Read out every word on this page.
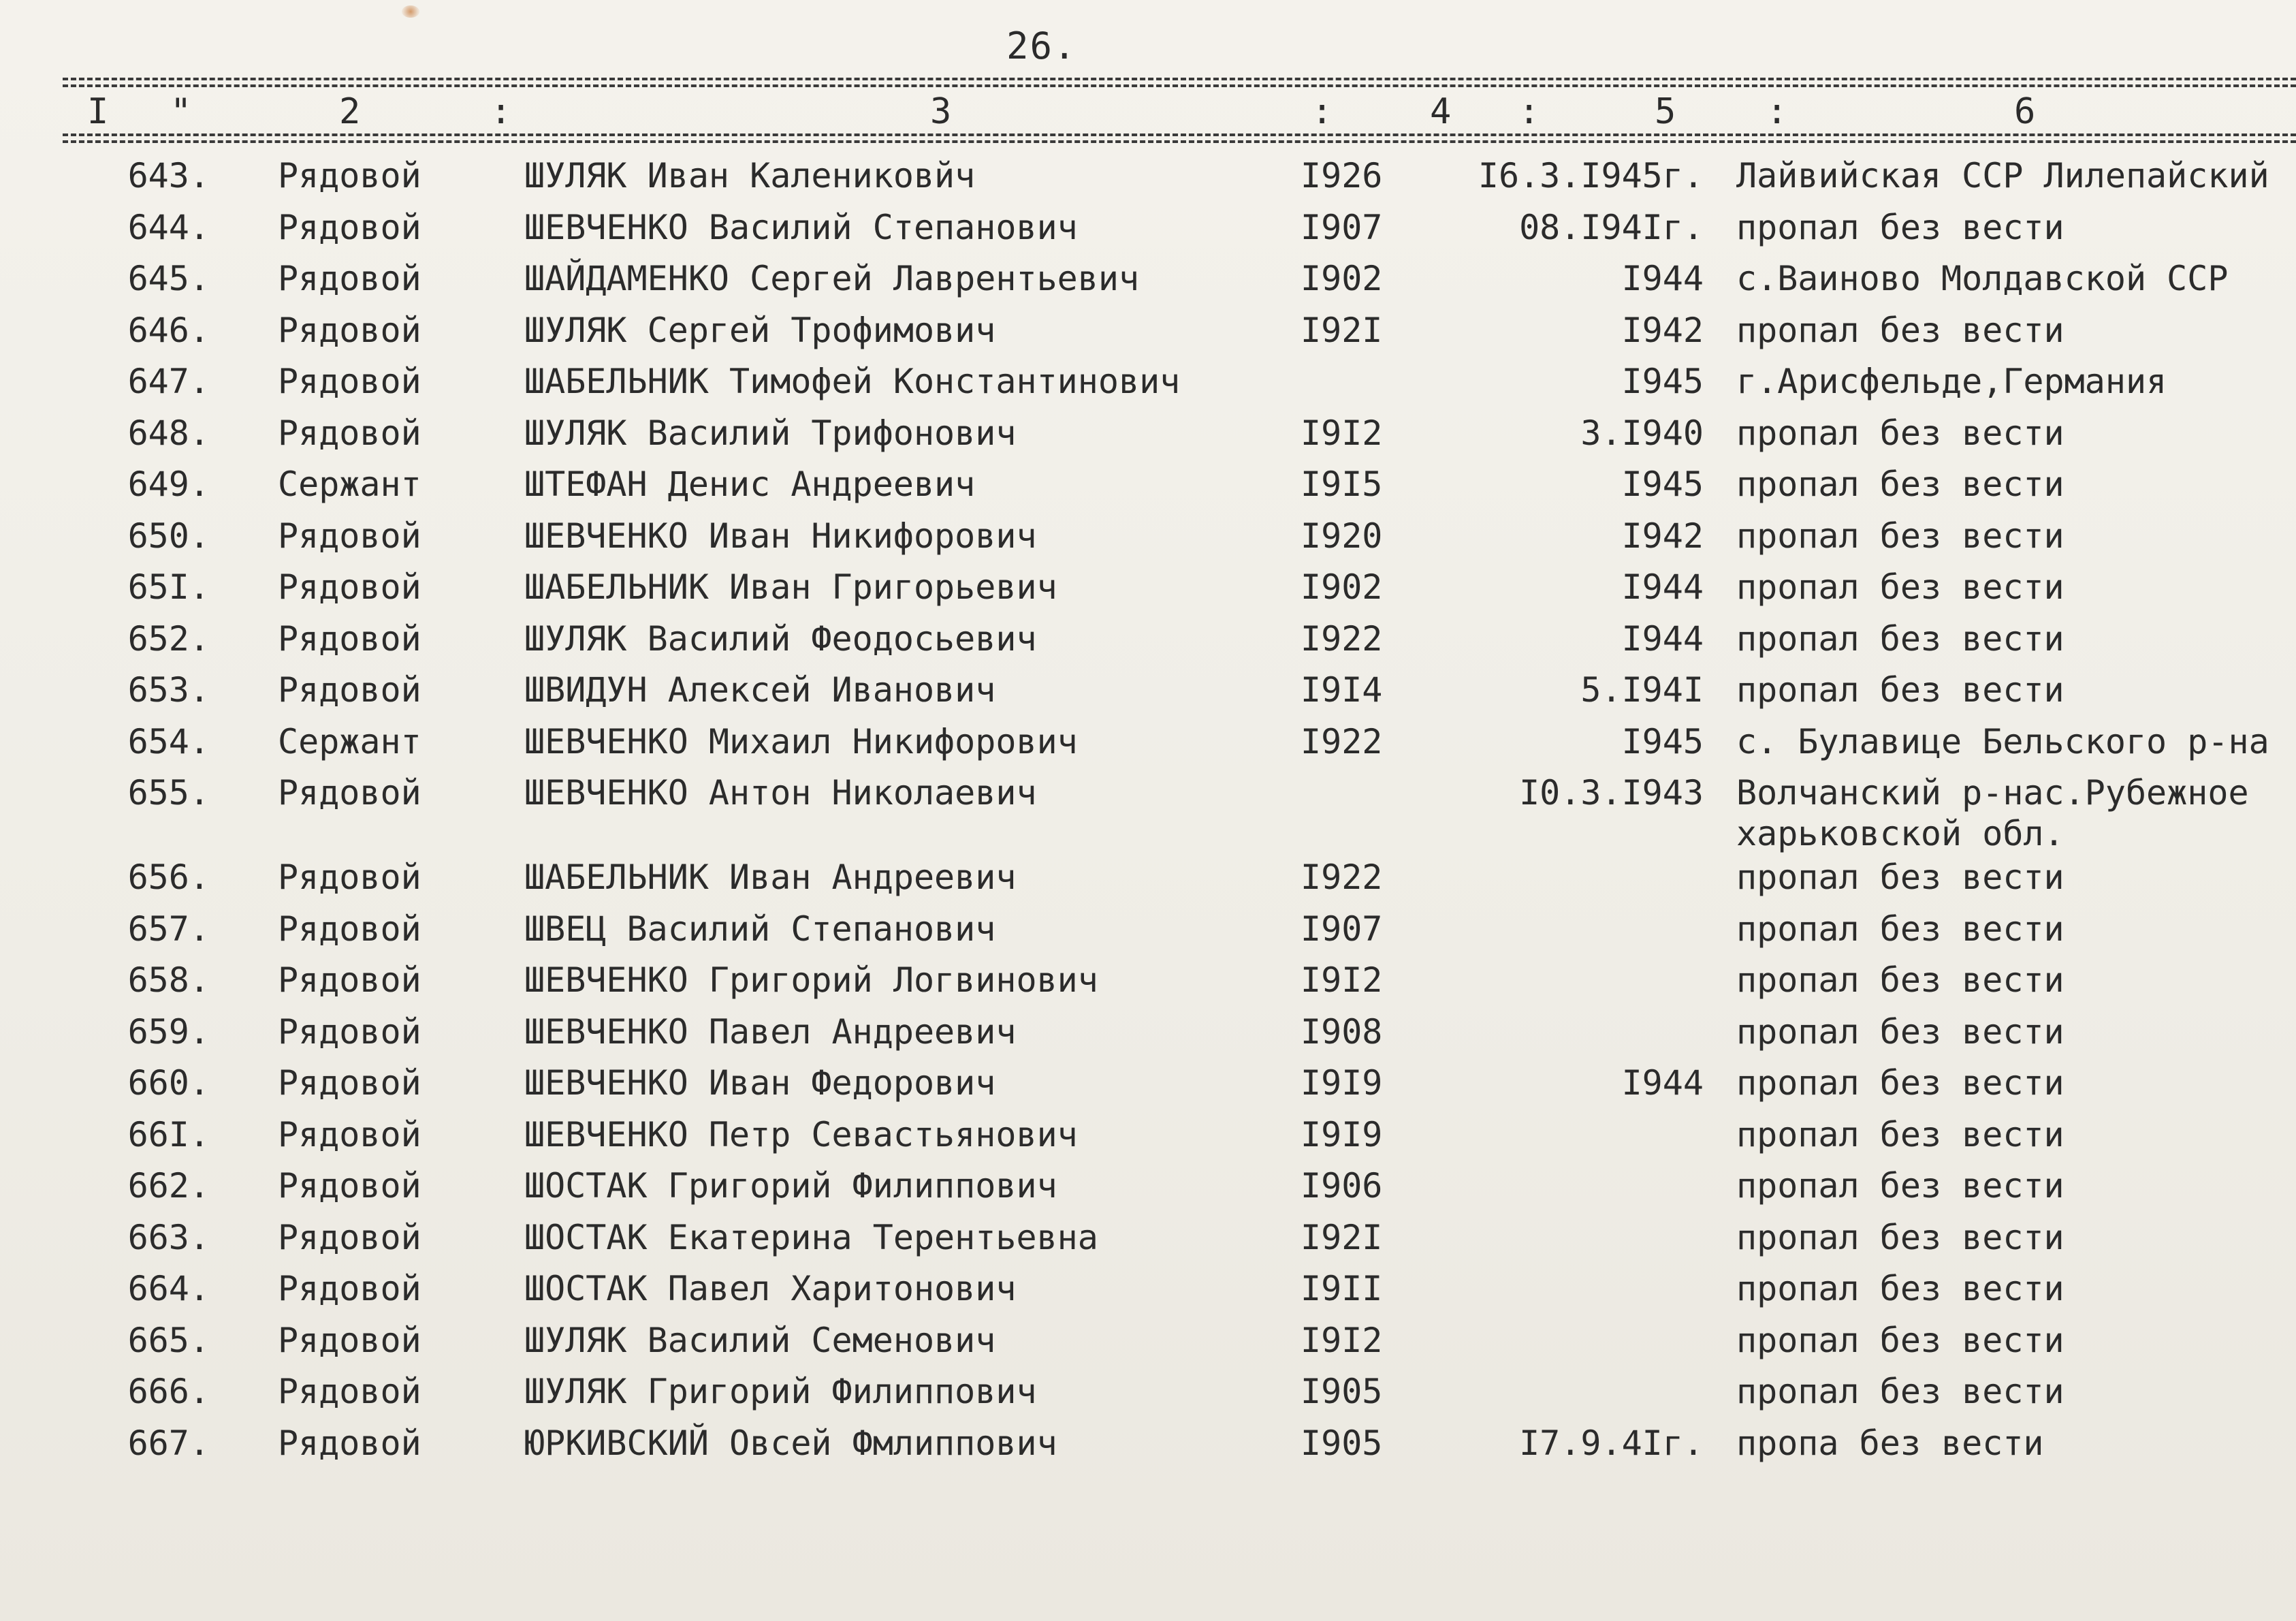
26.
I "	2	:	3	:	4 :	5	:	6
643.	Рядовой	ШУЛЯК Иван Калениковйч	I926	I6.3.I945г.	Лайвийская ССР Лилепайский
644.	Рядовой	ШЕВЧЕНКО Василий Степанович	I907	08.I94Iг.	пропал без вести
645.	Рядовой	ШАЙДАМЕНКО Сергей Лаврентьевич	I902	I944	с.Ваиново Молдавской ССР
646.	Рядовой	ШУЛЯК Сергей Трофимович	I92I	I942	пропал без вести
647.	Рядовой	ШАБЕЛЬНИК Тимофей Константинович		I945	г.Арисфельде,Германия
648.	Рядовой	ШУЛЯК Василий Трифонович	I9I2	3.I940	пропал без вести
649.	Сержант	ШТЕФАН Денис Андреевич	I9I5	I945	пропал без вести
650.	Рядовой	ШЕВЧЕНКО Иван Никифорович	I920	I942	пропал без вести
65I.	Рядовой	ШАБЕЛЬНИК Иван Григорьевич	I902	I944	пропал без вести
652.	Рядовой	ШУЛЯК Василий Феодосьевич	I922	I944	пропал без вести
653.	Рядовой	ШВИДУН Алексей Иванович	I9I4	5.I94I	пропал без вести
654.	Сержант	ШЕВЧЕНКО Михаил Никифорович	I922	I945	с. Булавице Бельского р-на
655.	Рядовой	ШЕВЧЕНКО Антон Николаевич		I0.3.I943	Волчанский р-нас.Рубежное харьковской обл.
656.	Рядовой	ШАБЕЛЬНИК Иван Андреевич	I922		пропал без вести
657.	Рядовой	ШВЕЦ Василий Степанович	I907		пропал без вести
658.	Рядовой	ШЕВЧЕНКО Григорий Логвинович	I9I2		пропал без вести
659.	Рядовой	ШЕВЧЕНКО Павел Андреевич	I908		пропал без вести
660.	Рядовой	ШЕВЧЕНКО Иван Федорович	I9I9	I944	пропал без вести
66I.	Рядовой	ШЕВЧЕНКО Петр Севастьянович	I9I9		пропал без вести
662.	Рядовой	ШОСТАК Григорий Филиппович	I906		пропал без вести
663.	Рядовой	ШОСТАК Екатерина Терентьевна	I92I		пропал без вести
664.	Рядовой	ШОСТАК Павел Харитонович	I9II		пропал без вести
665.	Рядовой	ШУЛЯК Василий Семенович	I9I2		пропал без вести
666.	Рядовой	ШУЛЯК Григорий Филиппович	I905		пропал без вести
667.	Рядовой	ЮРКИВСКИЙ Овсей Фмлиппович	I905	I7.9.4Iг.	пропа без вести
